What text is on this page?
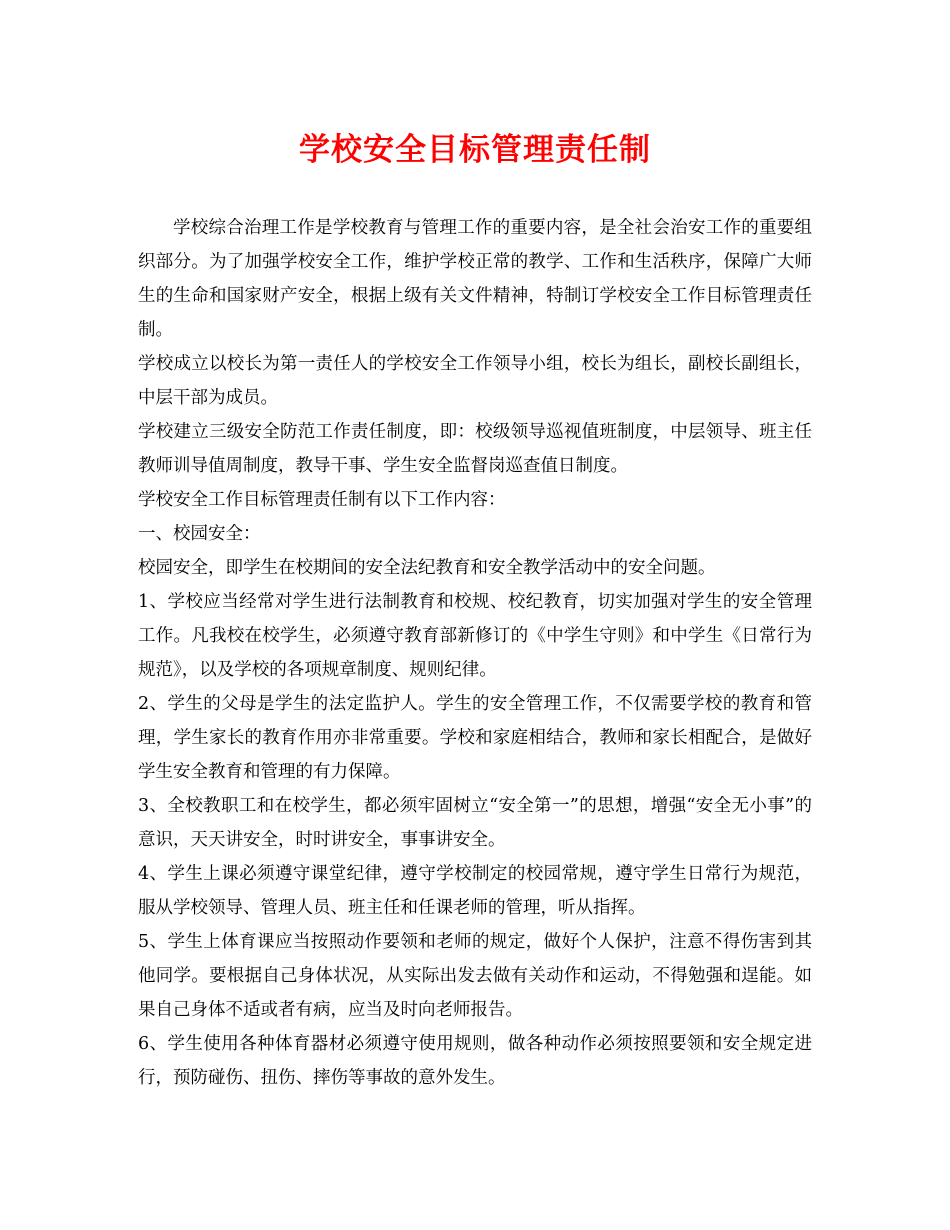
学校安全目标管理责任制

学校综合治理工作是学校教育与管理工作的重要内容，是全社会治安工作的重要组织部分。为了加强学校安全工作，维护学校正常的教学、工作和生活秩序，保障广大师生的生命和国家财产安全，根据上级有关文件精神，特制订学校安全工作目标管理责任制。

学校成立以校长为第一责任人的学校安全工作领导小组，校长为组长，副校长副组长，中层干部为成员。

学校建立三级安全防范工作责任制度，即：校级领导巡视值班制度，中层领导、班主任教师训导值周制度，教导干事、学生安全监督岗巡查值日制度。

学校安全工作目标管理责任制有以下工作内容：

一、校园安全：

校园安全，即学生在校期间的安全法纪教育和安全教学活动中的安全问题。

1、学校应当经常对学生进行法制教育和校规、校纪教育，切实加强对学生的安全管理工作。凡我校在校学生，必须遵守教育部新修订的《中学生守则》和中学生《日常行为规范》，以及学校的各项规章制度、规则纪律。

2、学生的父母是学生的法定监护人。学生的安全管理工作，不仅需要学校的教育和管理，学生家长的教育作用亦非常重要。学校和家庭相结合，教师和家长相配合，是做好学生安全教育和管理的有力保障。

3、全校教职工和在校学生，都必须牢固树立“安全第一”的思想，增强“安全无小事”的意识，天天讲安全，时时讲安全，事事讲安全。

4、学生上课必须遵守课堂纪律，遵守学校制定的校园常规，遵守学生日常行为规范，服从学校领导、管理人员、班主任和任课老师的管理，听从指挥。

5、学生上体育课应当按照动作要领和老师的规定，做好个人保护，注意不得伤害到其他同学。要根据自己身体状况，从实际出发去做有关动作和运动，不得勉强和逞能。如果自己身体不适或者有病，应当及时向老师报告。

6、学生使用各种体育器材必须遵守使用规则，做各种动作必须按照要领和安全规定进行，预防碰伤、扭伤、摔伤等事故的意外发生。
